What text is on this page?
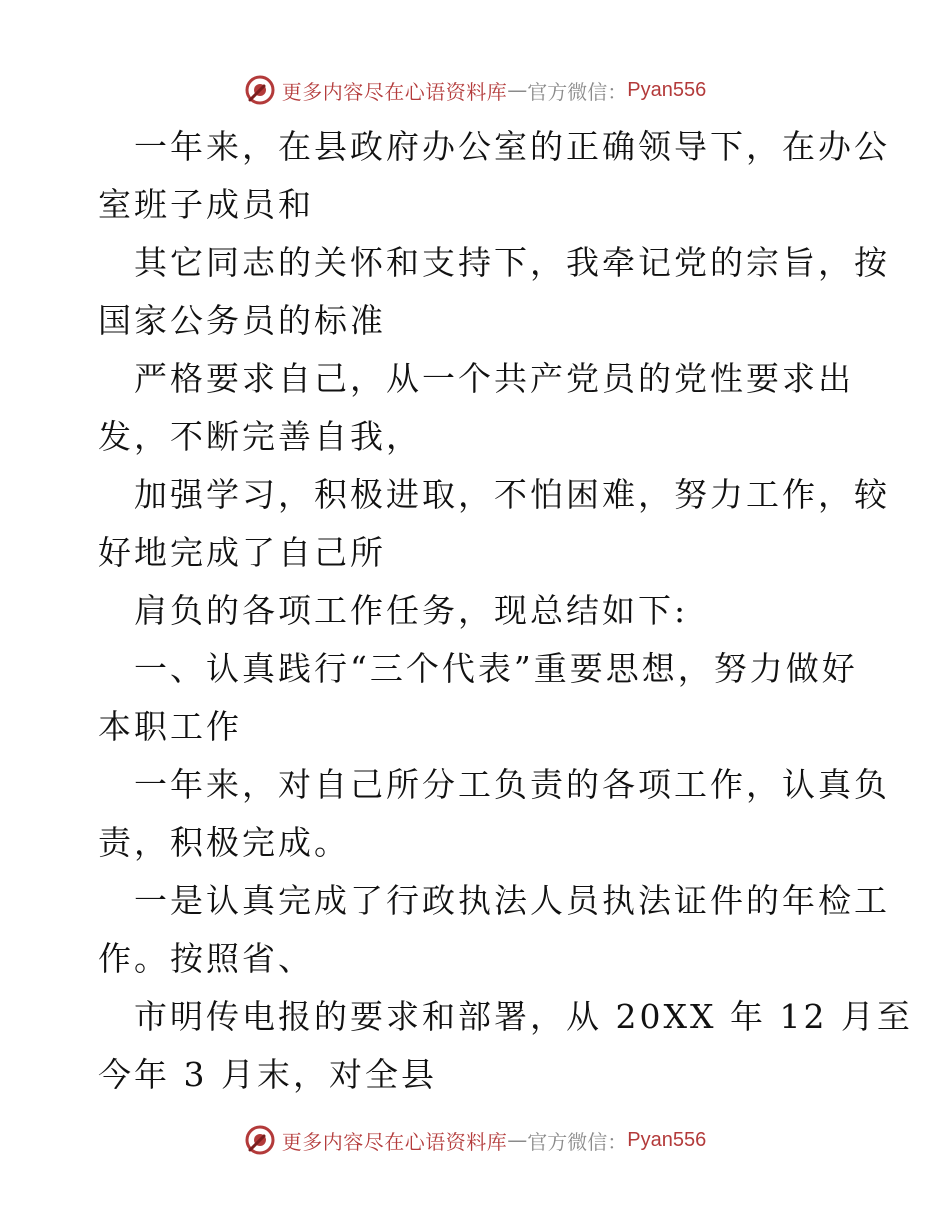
更多内容尽在心语资料库 — 官方微信： Pyan556
一年来，在县政府办公室的正确领导下，在办公
室班子成员和
其它同志的关怀和支持下，我牵记党的宗旨，按
国家公务员的标准
严格要求自己，从一个共产党员的党性要求出
发，不断完善自我，
加强学习，积极进取，不怕困难，努力工作，较
好地完成了自己所
肩负的各项工作任务，现总结如下:
一、认真践行“三个代表”重要思想，努力做好
本职工作
一年来，对自己所分工负责的各项工作，认真负
责，积极完成。
一是认真完成了行政执法人员执法证件的年检工
作。按照省、
市明传电报的要求和部署，从 20XX 年 12 月至
今年 3 月末，对全县
更多内容尽在心语资料库 — 官方微信： Pyan556
